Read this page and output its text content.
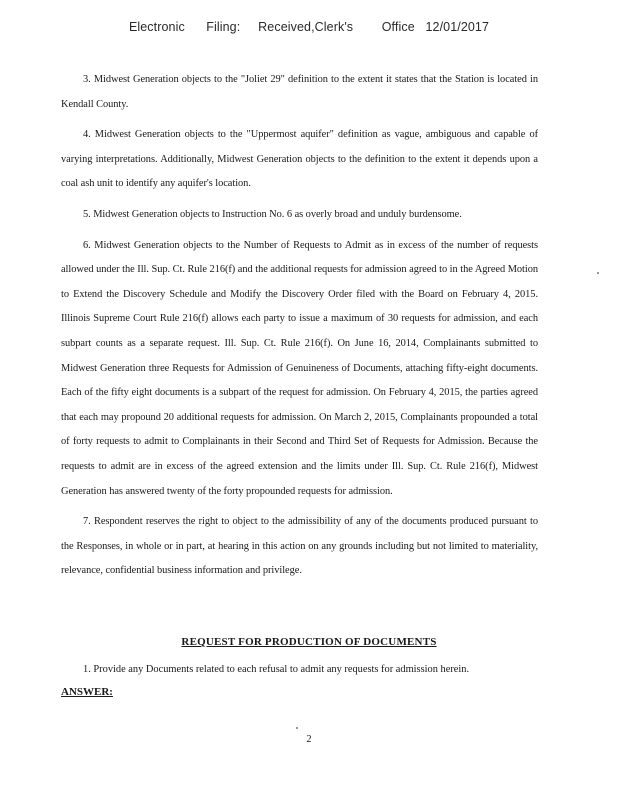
Electronic      Filing:     Received,Clerk's        Office   12/01/2017

3. Midwest Generation objects to the "Joliet 29" definition to the extent it states that the Station is located in Kendall County.

4. Midwest Generation objects to the "Uppermost aquifer" definition as vague, ambiguous and capable of varying interpretations. Additionally, Midwest Generation objects to the definition to the extent it depends upon a coal ash unit to identify any aquifer's location.

5. Midwest Generation objects to Instruction No. 6 as overly broad and unduly burdensome.

6. Midwest Generation objects to the Number of Requests to Admit as in excess of the number of requests allowed under the Ill. Sup. Ct. Rule 216(f) and the additional requests for admission agreed to in the Agreed Motion to Extend the Discovery Schedule and Modify the Discovery Order filed with the Board on February 4, 2015. Illinois Supreme Court Rule 216(f) allows each party to issue a maximum of 30 requests for admission, and each subpart counts as a separate request. Ill. Sup. Ct. Rule 216(f). On June 16, 2014, Complainants submitted to Midwest Generation three Requests for Admission of Genuineness of Documents, attaching fifty-eight documents. Each of the fifty eight documents is a subpart of the request for admission. On February 4, 2015, the parties agreed that each may propound 20 additional requests for admission. On March 2, 2015, Complainants propounded a total of forty requests to admit to Complainants in their Second and Third Set of Requests for Admission. Because the requests to admit are in excess of the agreed extension and the limits under Ill. Sup. Ct. Rule 216(f), Midwest Generation has answered twenty of the forty propounded requests for admission.

7. Respondent reserves the right to object to the admissibility of any of the documents produced pursuant to the Responses, in whole or in part, at hearing in this action on any grounds including but not limited to materiality, relevance, confidential business information and privilege.

REQUEST FOR PRODUCTION OF DOCUMENTS
1. Provide any Documents related to each refusal to admit any requests for admission herein.
ANSWER:
2
